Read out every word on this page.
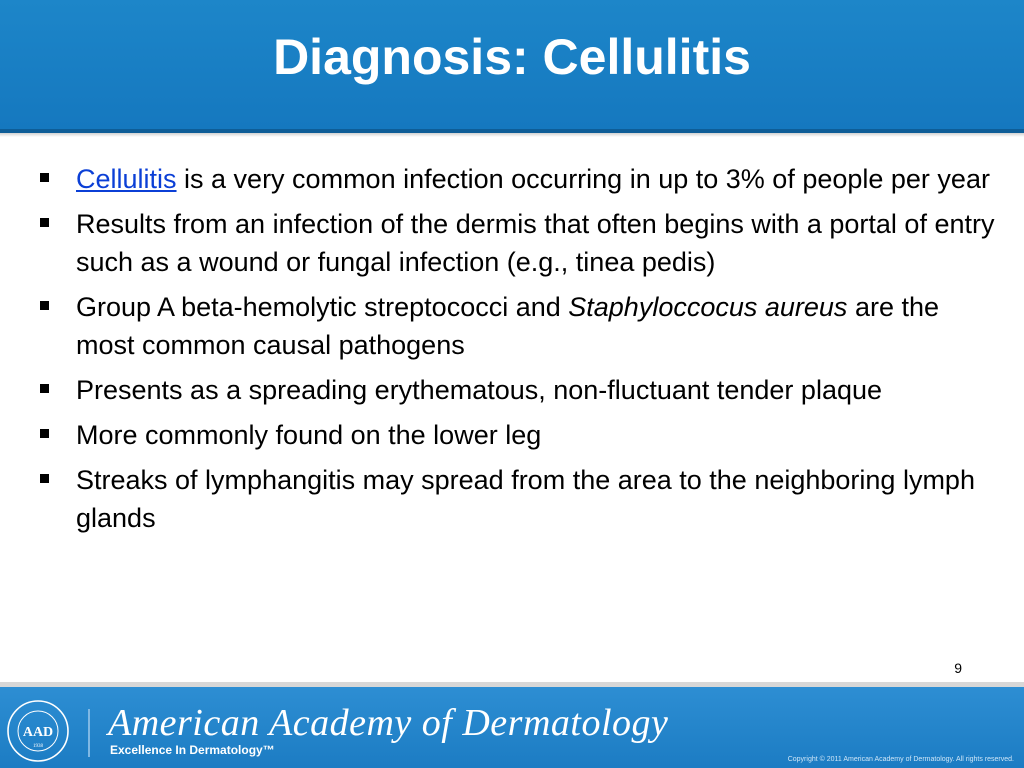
Diagnosis: Cellulitis
Cellulitis is a very common infection occurring in up to 3% of people per year
Results from an infection of the dermis that often begins with a portal of entry such as a wound or fungal infection (e.g., tinea pedis)
Group A beta-hemolytic streptococci and Staphyloccocus aureus are the most common causal pathogens
Presents as a spreading erythematous, non-fluctuant tender plaque
More commonly found on the lower leg
Streaks of lymphangitis may spread from the area to the neighboring lymph glands
9
AAD
1938
American Academy of Dermatology
Excellence In Dermatology™
Copyright © 2011 American Academy of Dermatology. All rights reserved.
